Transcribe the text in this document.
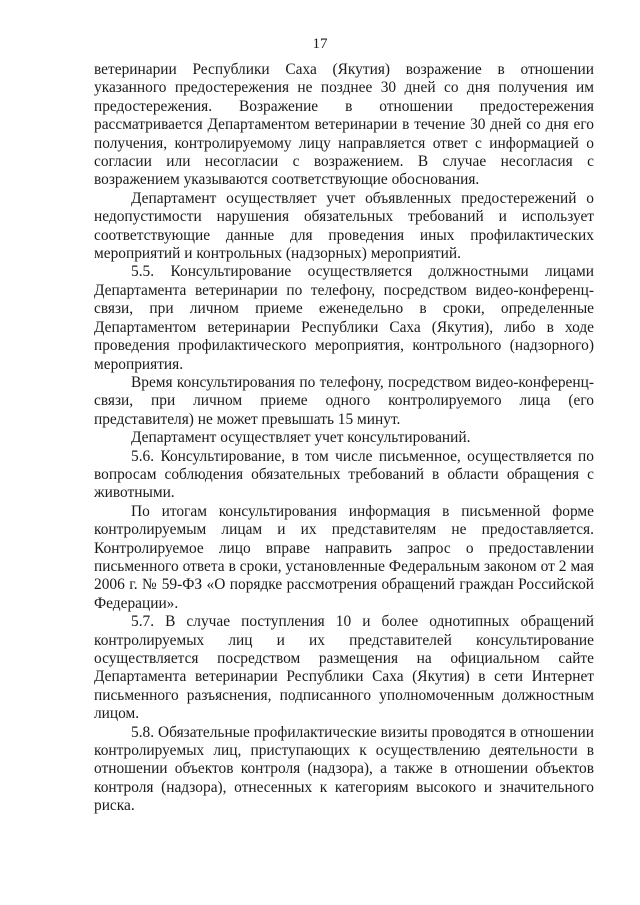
17

ветеринарии Республики Саха (Якутия) возражение в отношении указанного предостережения не позднее 30 дней со дня получения им предостережения. Возражение в отношении предостережения рассматривается Департаментом ветеринарии в течение 30 дней со дня его получения, контролируемому лицу направляется ответ с информацией о согласии или несогласии с возражением. В случае несогласия с возражением указываются соответствующие обоснования.

Департамент осуществляет учет объявленных предостережений о недопустимости нарушения обязательных требований и использует соответствующие данные для проведения иных профилактических мероприятий и контрольных (надзорных) мероприятий.

5.5. Консультирование осуществляется должностными лицами Департамента ветеринарии по телефону, посредством видео-конференц-связи, при личном приеме еженедельно в сроки, определенные Департаментом ветеринарии Республики Саха (Якутия), либо в ходе проведения профилактического мероприятия, контрольного (надзорного) мероприятия.

Время консультирования по телефону, посредством видео-конференц-связи, при личном приеме одного контролируемого лица (его представителя) не может превышать 15 минут.

Департамент осуществляет учет консультирований.

5.6. Консультирование, в том числе письменное, осуществляется по вопросам соблюдения обязательных требований в области обращения с животными.

По итогам консультирования информация в письменной форме контролируемым лицам и их представителям не предоставляется. Контролируемое лицо вправе направить запрос о предоставлении письменного ответа в сроки, установленные Федеральным законом от 2 мая 2006 г. № 59-ФЗ «О порядке рассмотрения обращений граждан Российской Федерации».

5.7. В случае поступления 10 и более однотипных обращений контролируемых лиц и их представителей консультирование осуществляется посредством размещения на официальном сайте Департамента ветеринарии Республики Саха (Якутия) в сети Интернет письменного разъяснения, подписанного уполномоченным должностным лицом.

5.8. Обязательные профилактические визиты проводятся в отношении контролируемых лиц, приступающих к осуществлению деятельности в отношении объектов контроля (надзора), а также в отношении объектов контроля (надзора), отнесенных к категориям высокого и значительного риска.
